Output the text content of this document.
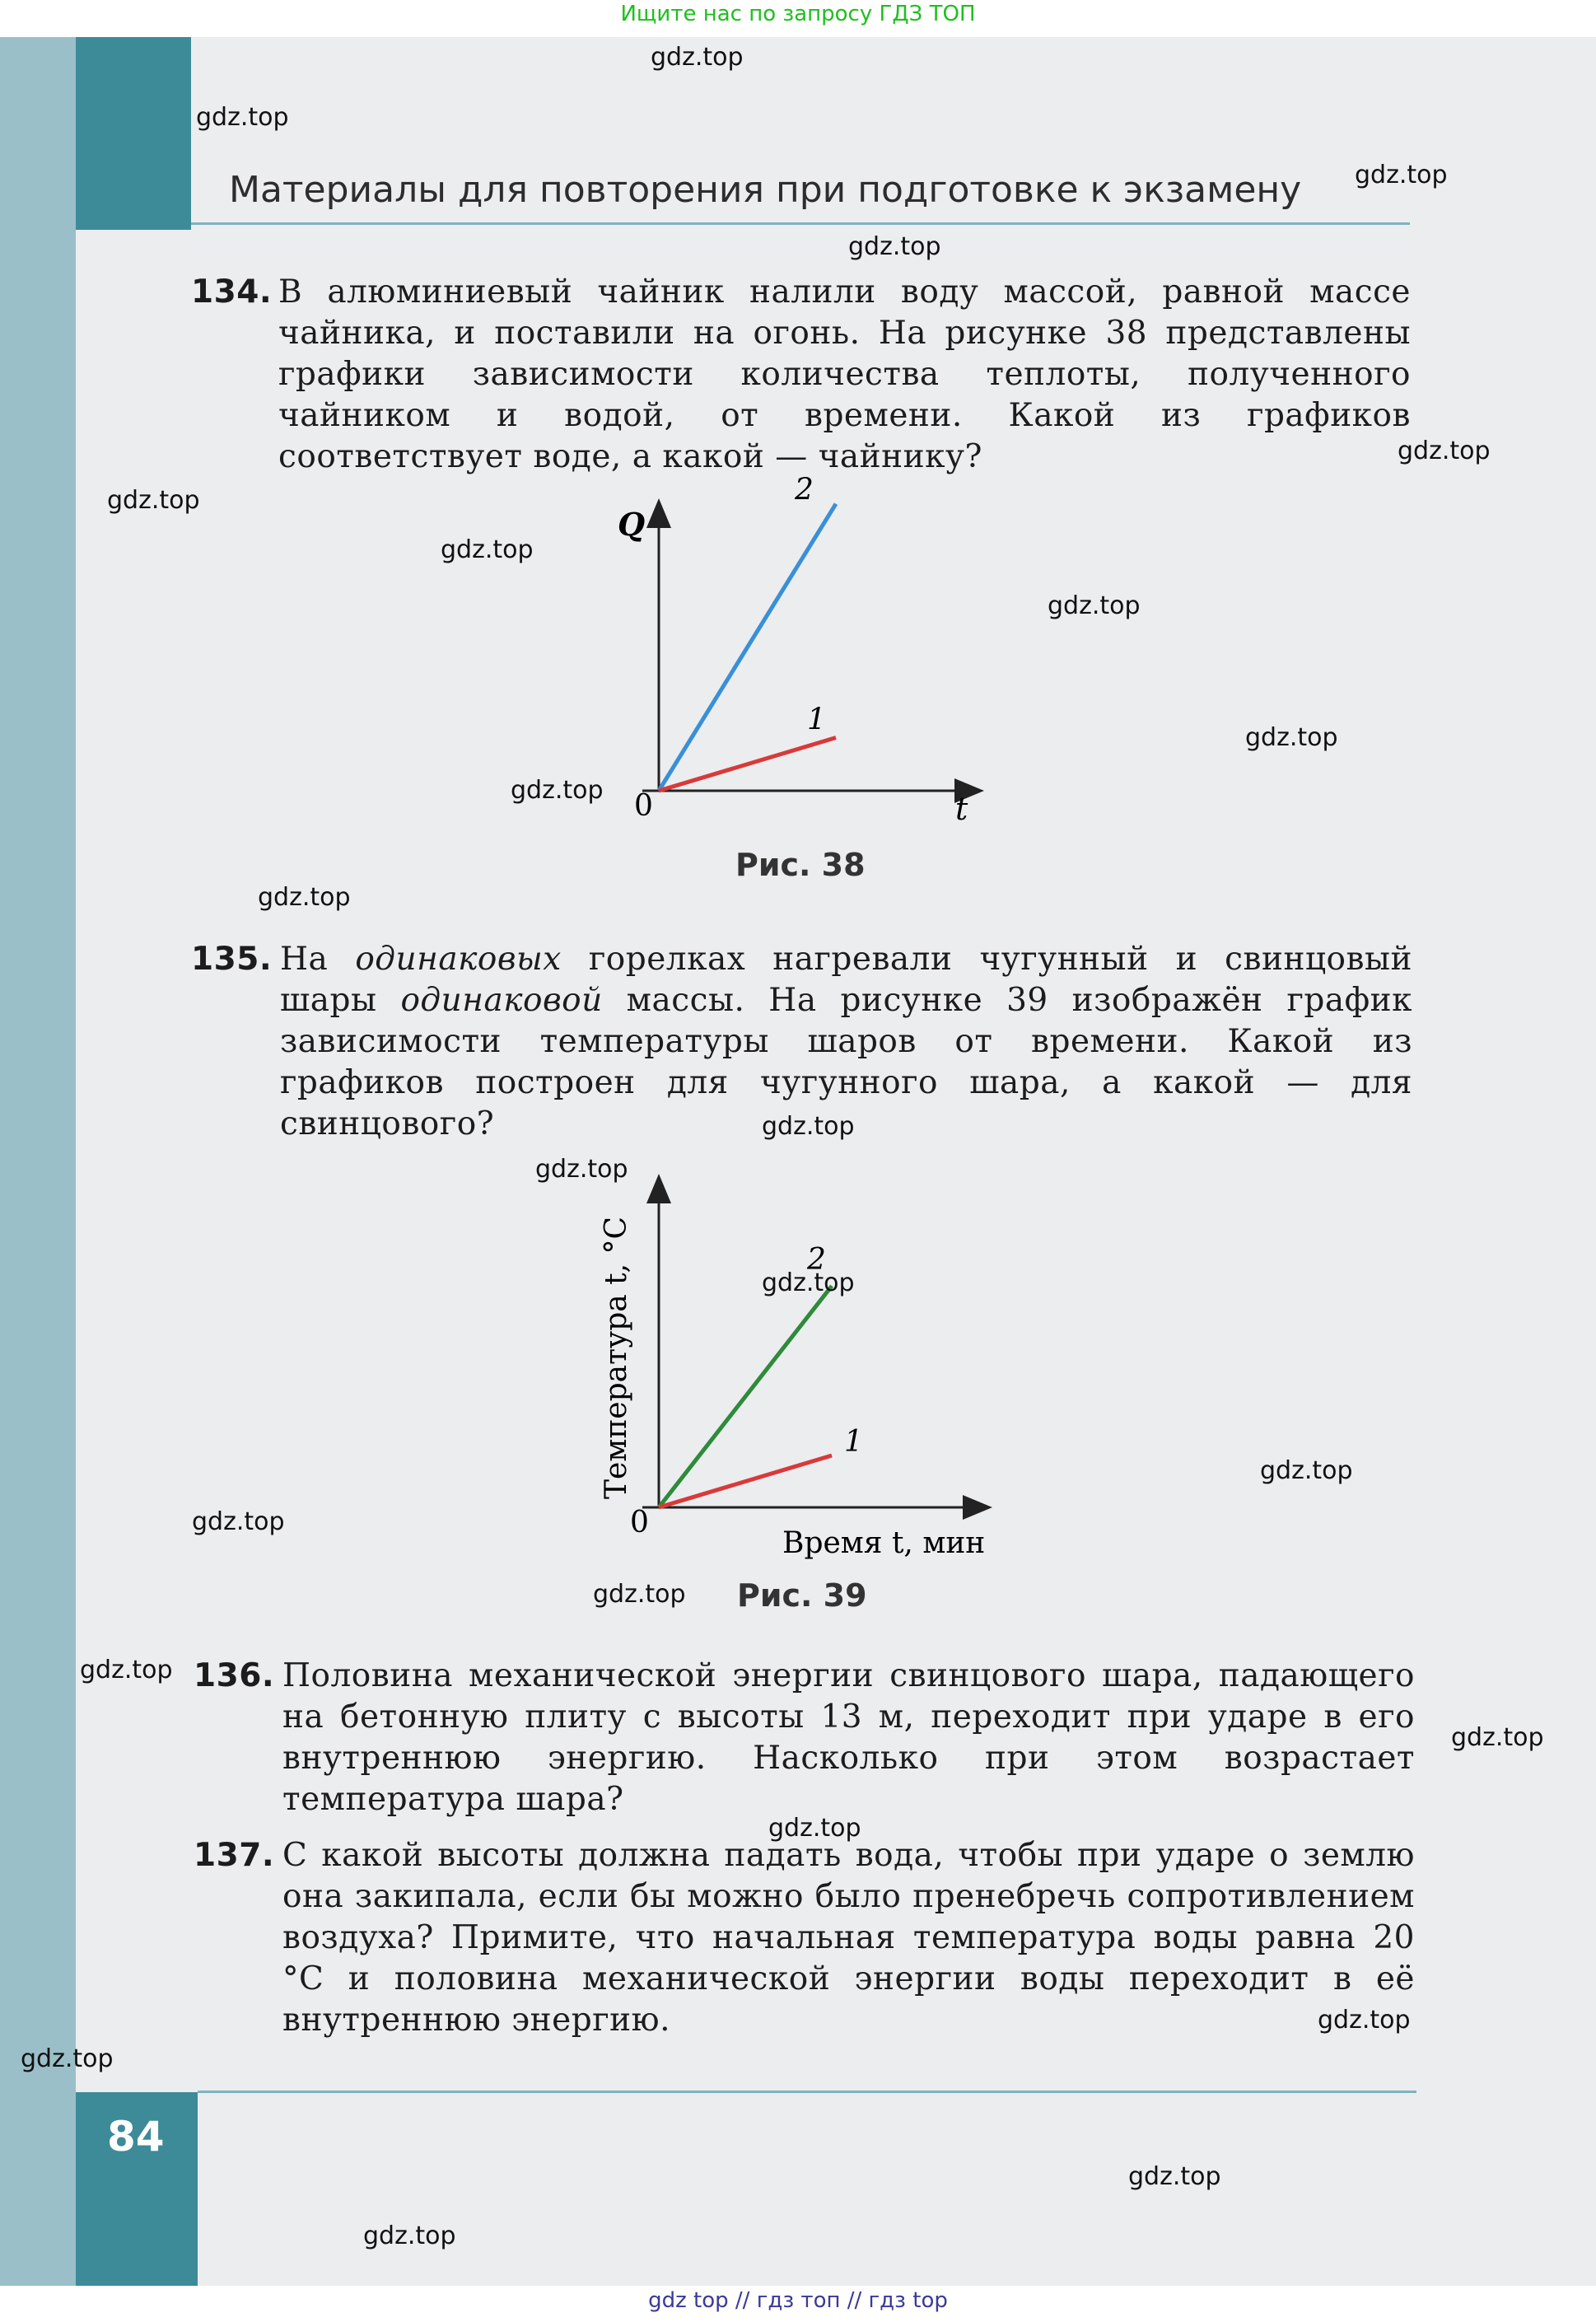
Материалы для повторения при подготовке к экзамену
Ищите нас по запросу ГДЗ ТОП
134. В алюминиевый чайник налили воду массой, равной массе чайника, и поставили на огонь. На рисунке 38 представлены графики зависимости количества теплоты, полученного чайником и водой, от времени. Какой из графиков соответствует воде, а какой — чайнику?
2
1
Q
t
0
Рис. 38
135. На одинаковых горелках нагревали чугунный и свинцовый шары одинаковой массы. На рисунке 39 изображён график зависимости температуры шаров от времени. Какой из графиков построен для чугунного шара, а какой — для свинцового?
2
1
Температура t, °C
Время t, мин
0
Рис. 39
136. Половина механической энергии свинцового шара, падающего на бетонную плиту с высоты 13 м, переходит при ударе в его внутреннюю энергию. Насколько при этом возрастает температура шара?
137. С какой высоты должна падать вода, чтобы при ударе о землю она закипала, если бы можно было пренебречь сопротивлением воздуха? Примите, что начальная температура воды равна 20 °C и половина механической энергии воды переходит в её внутреннюю энергию.
84
gdz top // гдз топ // гдз top
gdz.top
gdz.top
gdz.top
gdz.top
gdz.top
gdz.top
gdz.top
gdz.top
gdz.top
gdz.top
gdz.top
gdz.top
gdz.top
gdz.top
gdz.top
gdz.top
gdz.top
gdz.top
gdz.top
gdz.top
gdz.top
gdz.top
gdz.top
gdz.top
